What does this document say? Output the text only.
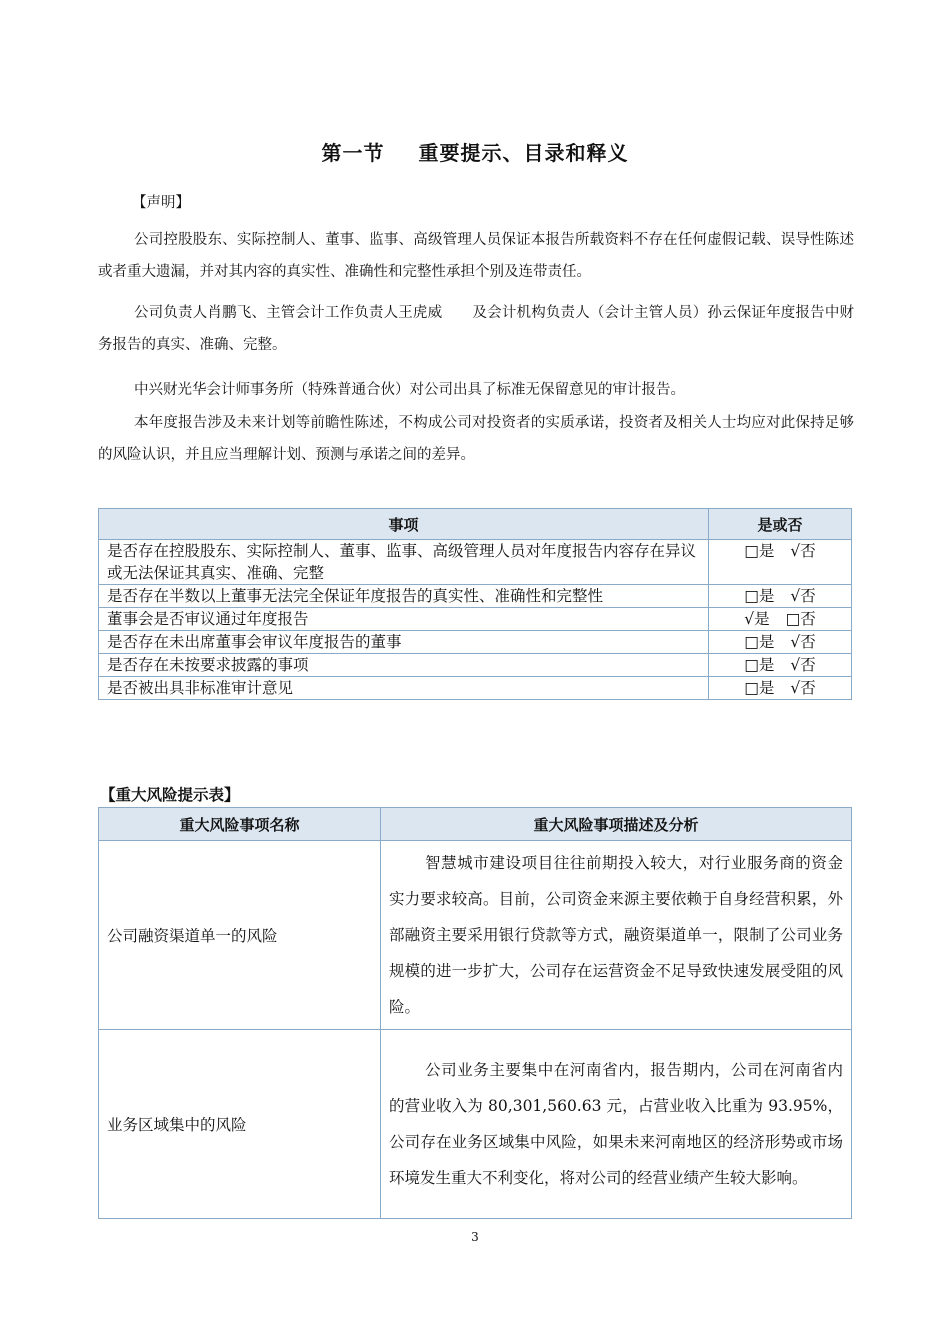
第一节 重要提示、目录和释义
【声明】

公司控股股东、实际控制人、董事、监事、高级管理人员保证本报告所载资料不存在任何虚假记载、误导性陈述或者重大遗漏，并对其内容的真实性、准确性和完整性承担个别及连带责任。

公司负责人肖鹏飞、主管会计工作负责人王虎威 及会计机构负责人（会计主管人员）孙云保证年度报告中财务报告的真实、准确、完整。

中兴财光华会计师事务所（特殊普通合伙）对公司出具了标准无保留意见的审计报告。

本年度报告涉及未来计划等前瞻性陈述，不构成公司对投资者的实质承诺，投资者及相关人士均应对此保持足够的风险认识，并且应当理解计划、预测与承诺之间的差异。

事项	是或否
是否存在控股股东、实际控制人、董事、监事、高级管理人员对年度报告内容存在异议或无法保证其真实、准确、完整	□是 √否
是否存在半数以上董事无法完全保证年度报告的真实性、准确性和完整性	□是 √否
董事会是否审议通过年度报告	√是 □否
是否存在未出席董事会审议年度报告的董事	□是 √否
是否存在未按要求披露的事项	□是 √否
是否被出具非标准审计意见	□是 √否
【重大风险提示表】
重大风险事项名称	重大风险事项描述及分析
公司融资渠道单一的风险	智慧城市建设项目往往前期投入较大，对行业服务商的资金实力要求较高。目前，公司资金来源主要依赖于自身经营积累，外部融资主要采用银行贷款等方式，融资渠道单一，限制了公司业务规模的进一步扩大，公司存在运营资金不足导致快速发展受阻的风险。
业务区域集中的风险	公司业务主要集中在河南省内，报告期内，公司在河南省内的营业收入为 80,301,560.63 元，占营业收入比重为 93.95%，公司存在业务区域集中风险，如果未来河南地区的经济形势或市场环境发生重大不利变化，将对公司的经营业绩产生较大影响。
3
